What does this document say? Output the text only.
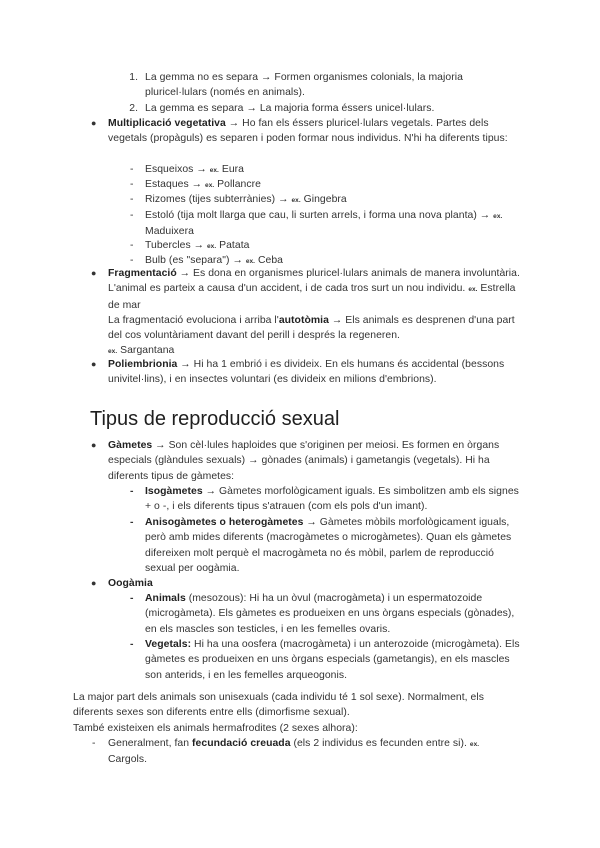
1. La gemma no es separa → Formen organismes colonials, la majoria pluricel·lulars (només en animals).
2. La gemma es separa → La majoria forma éssers unicel·lulars.
● Multiplicació vegetativa → Ho fan els éssers pluricel·lulars vegetals. Partes dels vegetals (propàguls) es separen i poden formar nous individus. N'hi ha diferents tipus:
- Esqueixos → ex. Eura
- Estaques → ex. Pollancre
- Rizomes (tijes subterrànies) → ex. Gingebra
- Estoló (tija molt llarga que cau, li surten arrels, i forma una nova planta) → ex. Maduixera
- Tubercles → ex. Patata
- Bulb (es "separa") → ex. Ceba
● Fragmentació → Es dona en organismes pluricel·lulars animals de manera involuntària. L'animal es parteix a causa d'un accident, i de cada tros surt un nou individu. ex. Estrella de mar
La fragmentació evoluciona i arriba l'autotòmia → Els animals es desprenen d'una part del cos voluntàriament davant del perill i després la regeneren.
ex. Sargantana
● Poliembrionia → Hi ha 1 embrió i es divideix. En els humans és accidental (bessons univitel·lins), i en insectes voluntari (es divideix en milions d'embrions).
Tipus de reproducció sexual
● Gàmetes → Son cèl·lules haploides que s'originen per meiosi. Es formen en òrgans especials (glàndules sexuals) → gònades (animals) i gametangis (vegetals). Hi ha diferents tipus de gàmetes:
- Isogàmetes → Gàmetes morfològicament iguals. Es simbolitzen amb els signes + o -, i els diferents tipus s'atrauen (com els pols d'un imant).
- Anisogàmetes o heterogàmetes → Gàmetes mòbils morfològicament iguals, però amb mides diferents (macrogàmetes o microgàmetes). Quan els gàmetes difereixen molt perquè el macrogàmeta no és mòbil, parlem de reproducció sexual per oogàmia.
● Oogàmia
- Animals (mesozous): Hi ha un òvul (macrogàmeta) i un espermatozoide (microgàmeta). Els gàmetes es produeixen en uns òrgans especials (gònades), en els mascles son testicles, i en les femelles ovaris.
- Vegetals: Hi ha una oosfera (macrogàmeta) i un anterozoide (microgàmeta). Els gàmetes es produeixen en uns òrgans especials (gametangis), en els mascles son anterids, i en les femelles arqueogonis.
La major part dels animals son unisexuals (cada individu té 1 sol sexe). Normalment, els diferents sexes son diferents entre ells (dimorfisme sexual).
També existeixen els animals hermafrodites (2 sexes alhora):
- Generalment, fan fecundació creuada (els 2 individus es fecunden entre si). ex.
Cargols.
